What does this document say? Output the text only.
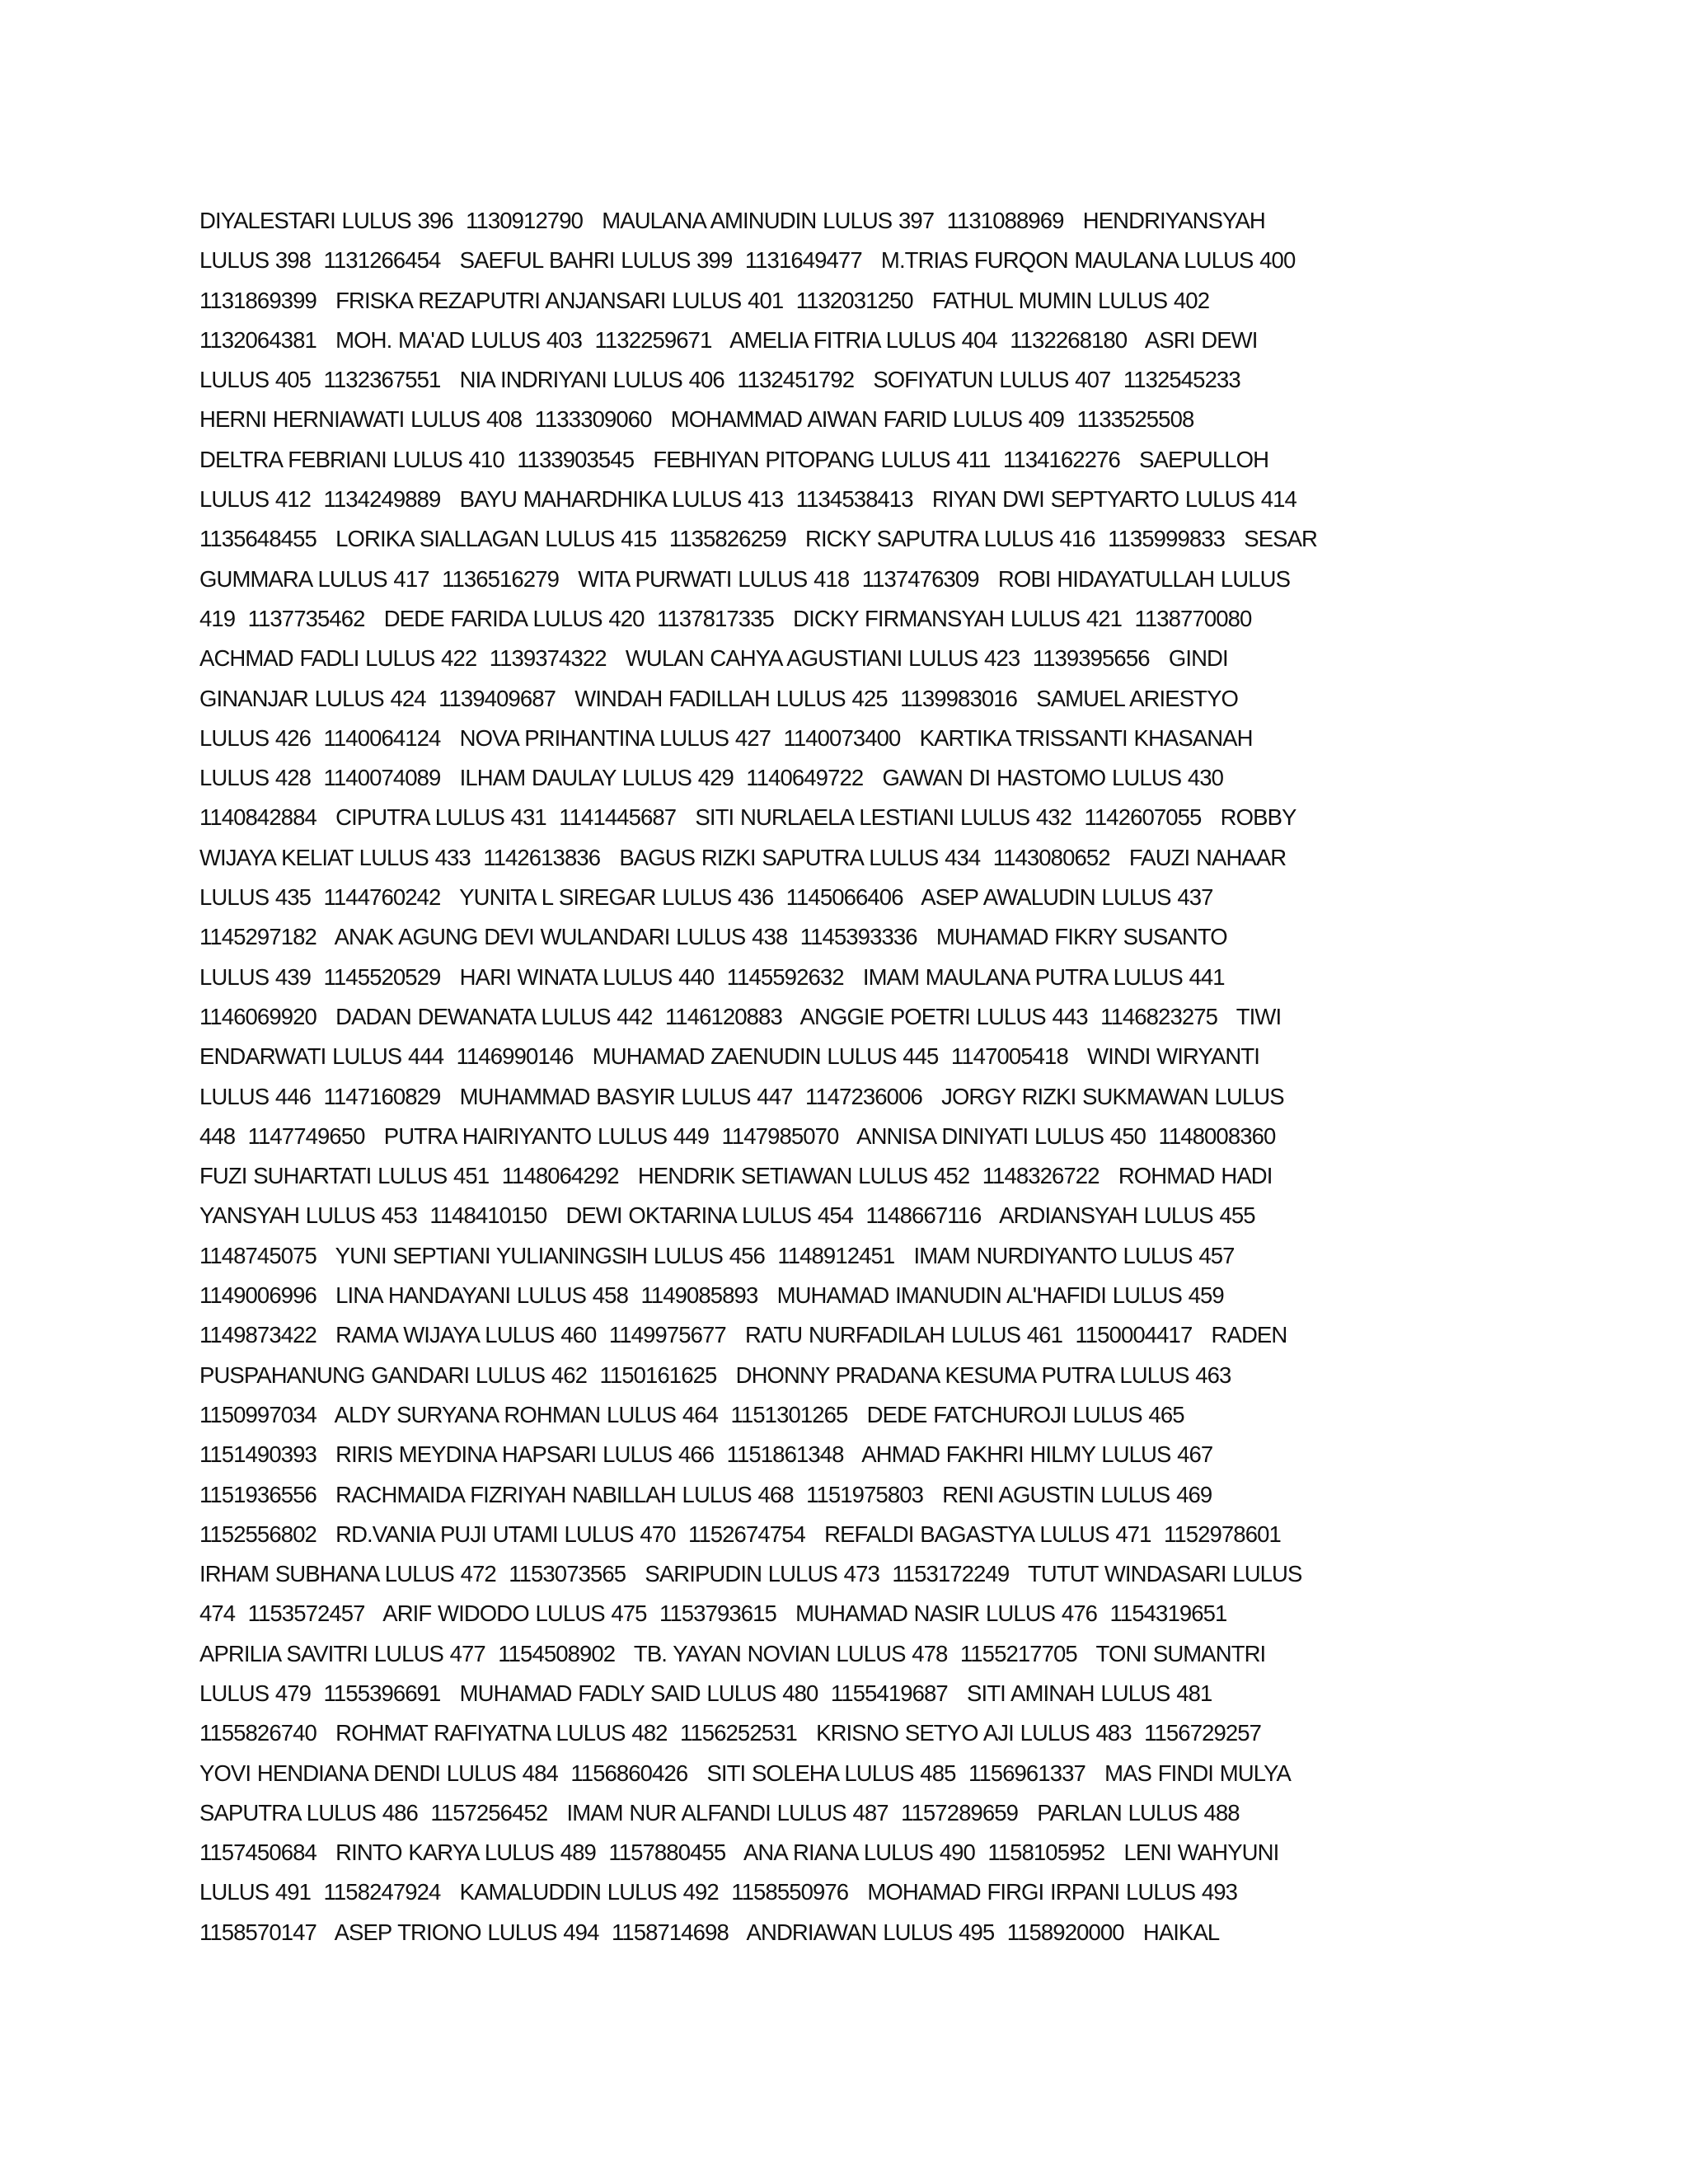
DIYALESTARI LULUS 396  1130912790   MAULANA AMINUDIN LULUS 397  1131088969   HENDRIYANSYAH
LULUS 398  1131266454   SAEFUL BAHRI LULUS 399  1131649477   M.TRIAS FURQON MAULANA LULUS 400
1131869399   FRISKA REZAPUTRI ANJANSARI LULUS 401  1132031250   FATHUL MUMIN LULUS 402
1132064381   MOH. MA'AD LULUS 403  1132259671   AMELIA FITRIA LULUS 404  1132268180   ASRI DEWI
LULUS 405  1132367551   NIA INDRIYANI LULUS 406  1132451792   SOFIYATUN LULUS 407  1132545233
HERNI HERNIAWATI LULUS 408  1133309060   MOHAMMAD AIWAN FARID LULUS 409  1133525508
DELTRA FEBRIANI LULUS 410  1133903545   FEBHIYAN PITOPANG LULUS 411  1134162276   SAEPULLOH
LULUS 412  1134249889   BAYU MAHARDHIKA LULUS 413  1134538413   RIYAN DWI SEPTYARTO LULUS 414
1135648455   LORIKA SIALLAGAN LULUS 415  1135826259   RICKY SAPUTRA LULUS 416  1135999833   SESAR
GUMMARA LULUS 417  1136516279   WITA PURWATI LULUS 418  1137476309   ROBI HIDAYATULLAH LULUS
419  1137735462   DEDE FARIDA LULUS 420  1137817335   DICKY FIRMANSYAH LULUS 421  1138770080
ACHMAD FADLI LULUS 422  1139374322   WULAN CAHYA AGUSTIANI LULUS 423  1139395656   GINDI
GINANJAR LULUS 424  1139409687   WINDAH FADILLAH LULUS 425  1139983016   SAMUEL ARIESTYO
LULUS 426  1140064124   NOVA PRIHANTINA LULUS 427  1140073400   KARTIKA TRISSANTI KHASANAH
LULUS 428  1140074089   ILHAM DAULAY LULUS 429  1140649722   GAWAN DI HASTOMO LULUS 430
1140842884   CIPUTRA LULUS 431  1141445687   SITI NURLAELA LESTIANI LULUS 432  1142607055   ROBBY
WIJAYA KELIAT LULUS 433  1142613836   BAGUS RIZKI SAPUTRA LULUS 434  1143080652   FAUZI NAHAAR
LULUS 435  1144760242   YUNITA L SIREGAR LULUS 436  1145066406   ASEP AWALUDIN LULUS 437
1145297182   ANAK AGUNG DEVI WULANDARI LULUS 438  1145393336   MUHAMAD FIKRY SUSANTO
LULUS 439  1145520529   HARI WINATA LULUS 440  1145592632   IMAM MAULANA PUTRA LULUS 441
1146069920   DADAN DEWANATA LULUS 442  1146120883   ANGGIE POETRI LULUS 443  1146823275   TIWI
ENDARWATI LULUS 444  1146990146   MUHAMAD ZAENUDIN LULUS 445  1147005418   WINDI WIRYANTI
LULUS 446  1147160829   MUHAMMAD BASYIR LULUS 447  1147236006   JORGY RIZKI SUKMAWAN LULUS
448  1147749650   PUTRA HAIRIYANTO LULUS 449  1147985070   ANNISA DINIYATI LULUS 450  1148008360
FUZI SUHARTATI LULUS 451  1148064292   HENDRIK SETIAWAN LULUS 452  1148326722   ROHMAD HADI
YANSYAH LULUS 453  1148410150   DEWI OKTARINA LULUS 454  1148667116   ARDIANSYAH LULUS 455
1148745075   YUNI SEPTIANI YULIANINGSIH LULUS 456  1148912451   IMAM NURDIYANTO LULUS 457
1149006996   LINA HANDAYANI LULUS 458  1149085893   MUHAMAD IMANUDIN AL'HAFIDI LULUS 459
1149873422   RAMA WIJAYA LULUS 460  1149975677   RATU NURFADILAH LULUS 461  1150004417   RADEN
PUSPAHANUNG GANDARI LULUS 462  1150161625   DHONNY PRADANA KESUMA PUTRA LULUS 463
1150997034   ALDY SURYANA ROHMAN LULUS 464  1151301265   DEDE FATCHUROJI LULUS 465
1151490393   RIRIS MEYDINA HAPSARI LULUS 466  1151861348   AHMAD FAKHRI HILMY LULUS 467
1151936556   RACHMAIDA FIZRIYAH NABILLAH LULUS 468  1151975803   RENI AGUSTIN LULUS 469
1152556802   RD.VANIA PUJI UTAMI LULUS 470  1152674754   REFALDI BAGASTYA LULUS 471  1152978601
IRHAM SUBHANA LULUS 472  1153073565   SARIPUDIN LULUS 473  1153172249   TUTUT WINDASARI LULUS
474  1153572457   ARIF WIDODO LULUS 475  1153793615   MUHAMAD NASIR LULUS 476  1154319651
APRILIA SAVITRI LULUS 477  1154508902   TB. YAYAN NOVIAN LULUS 478  1155217705   TONI SUMANTRI
LULUS 479  1155396691   MUHAMAD FADLY SAID LULUS 480  1155419687   SITI AMINAH LULUS 481
1155826740   ROHMAT RAFIYATNA LULUS 482  1156252531   KRISNO SETYO AJI LULUS 483  1156729257
YOVI HENDIANA DENDI LULUS 484  1156860426   SITI SOLEHA LULUS 485  1156961337   MAS FINDI MULYA
SAPUTRA LULUS 486  1157256452   IMAM NUR ALFANDI LULUS 487  1157289659   PARLAN LULUS 488
1157450684   RINTO KARYA LULUS 489  1157880455   ANA RIANA LULUS 490  1158105952   LENI WAHYUNI
LULUS 491  1158247924   KAMALUDDIN LULUS 492  1158550976   MOHAMAD FIRGI IRPANI LULUS 493
1158570147   ASEP TRIONO LULUS 494  1158714698   ANDRIAWAN LULUS 495  1158920000   HAIKAL
